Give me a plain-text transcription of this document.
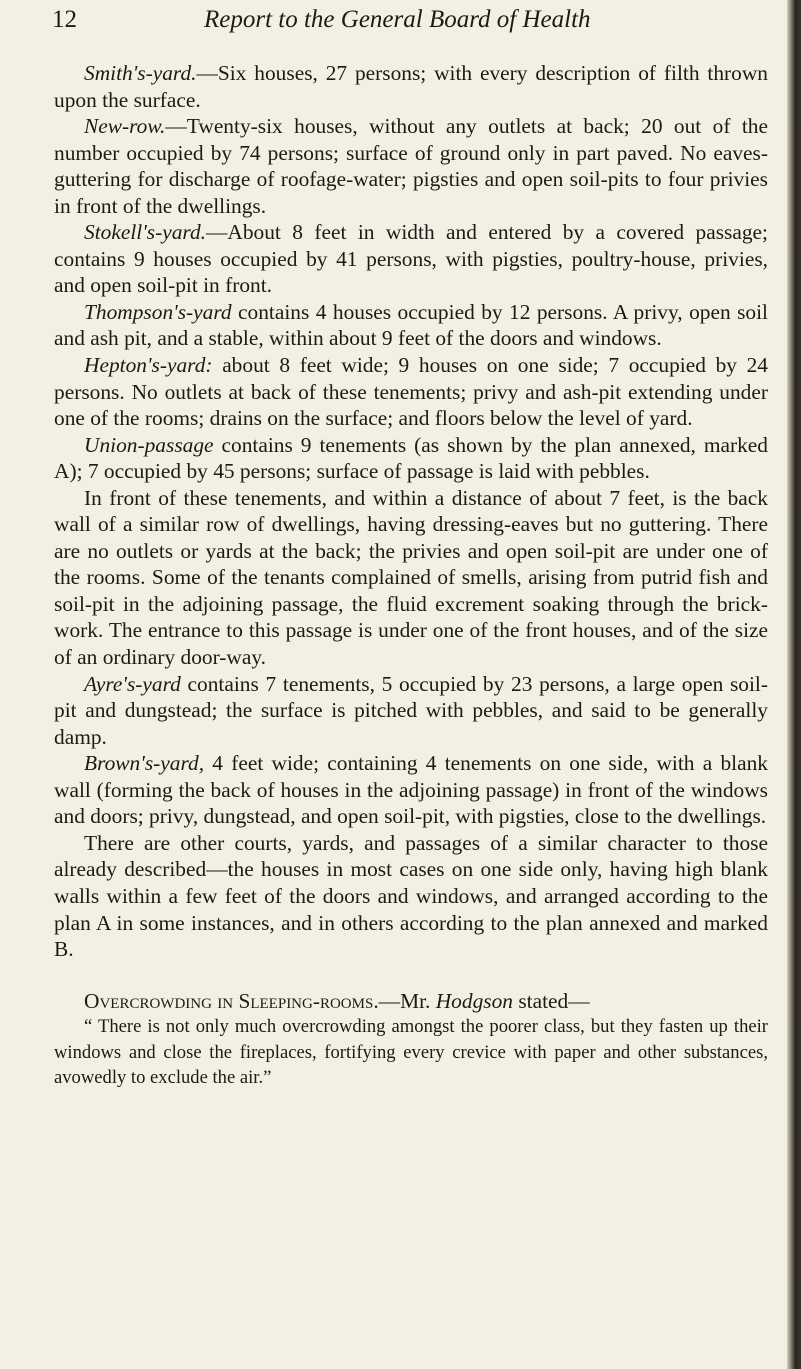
12	Report to the General Board of Health

Smith's-yard.—Six houses, 27 persons; with every description of filth thrown upon the surface.

New-row.—Twenty-six houses, without any outlets at back; 20 out of the number occupied by 74 persons; surface of ground only in part paved. No eaves-guttering for discharge of roofage-water; pigsties and open soil-pits to four privies in front of the dwellings.

Stokell's-yard.—About 8 feet in width and entered by a covered passage; contains 9 houses occupied by 41 persons, with pigsties, poultry-house, privies, and open soil-pit in front.

Thompson's-yard contains 4 houses occupied by 12 persons. A privy, open soil and ash pit, and a stable, within about 9 feet of the doors and windows.

Hepton's-yard: about 8 feet wide; 9 houses on one side; 7 occupied by 24 persons. No outlets at back of these tenements; privy and ash-pit extending under one of the rooms; drains on the surface; and floors below the level of yard.

Union-passage contains 9 tenements (as shown by the plan annexed, marked A); 7 occupied by 45 persons; surface of passage is laid with pebbles.

In front of these tenements, and within a distance of about 7 feet, is the back wall of a similar row of dwellings, having dressing-eaves but no guttering. There are no outlets or yards at the back; the privies and open soil-pit are under one of the rooms. Some of the tenants complained of smells, arising from putrid fish and soil-pit in the adjoining passage, the fluid excrement soaking through the brick-work. The entrance to this passage is under one of the front houses, and of the size of an ordinary door-way.

Ayre's-yard contains 7 tenements, 5 occupied by 23 persons, a large open soil-pit and dungstead; the surface is pitched with pebbles, and said to be generally damp.

Brown's-yard, 4 feet wide; containing 4 tenements on one side, with a blank wall (forming the back of houses in the adjoining passage) in front of the windows and doors; privy, dungstead, and open soil-pit, with pigsties, close to the dwellings.

There are other courts, yards, and passages of a similar character to those already described—the houses in most cases on one side only, having high blank walls within a few feet of the doors and windows, and arranged according to the plan A in some instances, and in others according to the plan annexed and marked B.

Overcrowding in Sleeping-rooms.—Mr. Hodgson stated—

“ There is not only much overcrowding amongst the poorer class, but they fasten up their windows and close the fireplaces, fortifying every crevice with paper and other substances, avowedly to exclude the air.”
